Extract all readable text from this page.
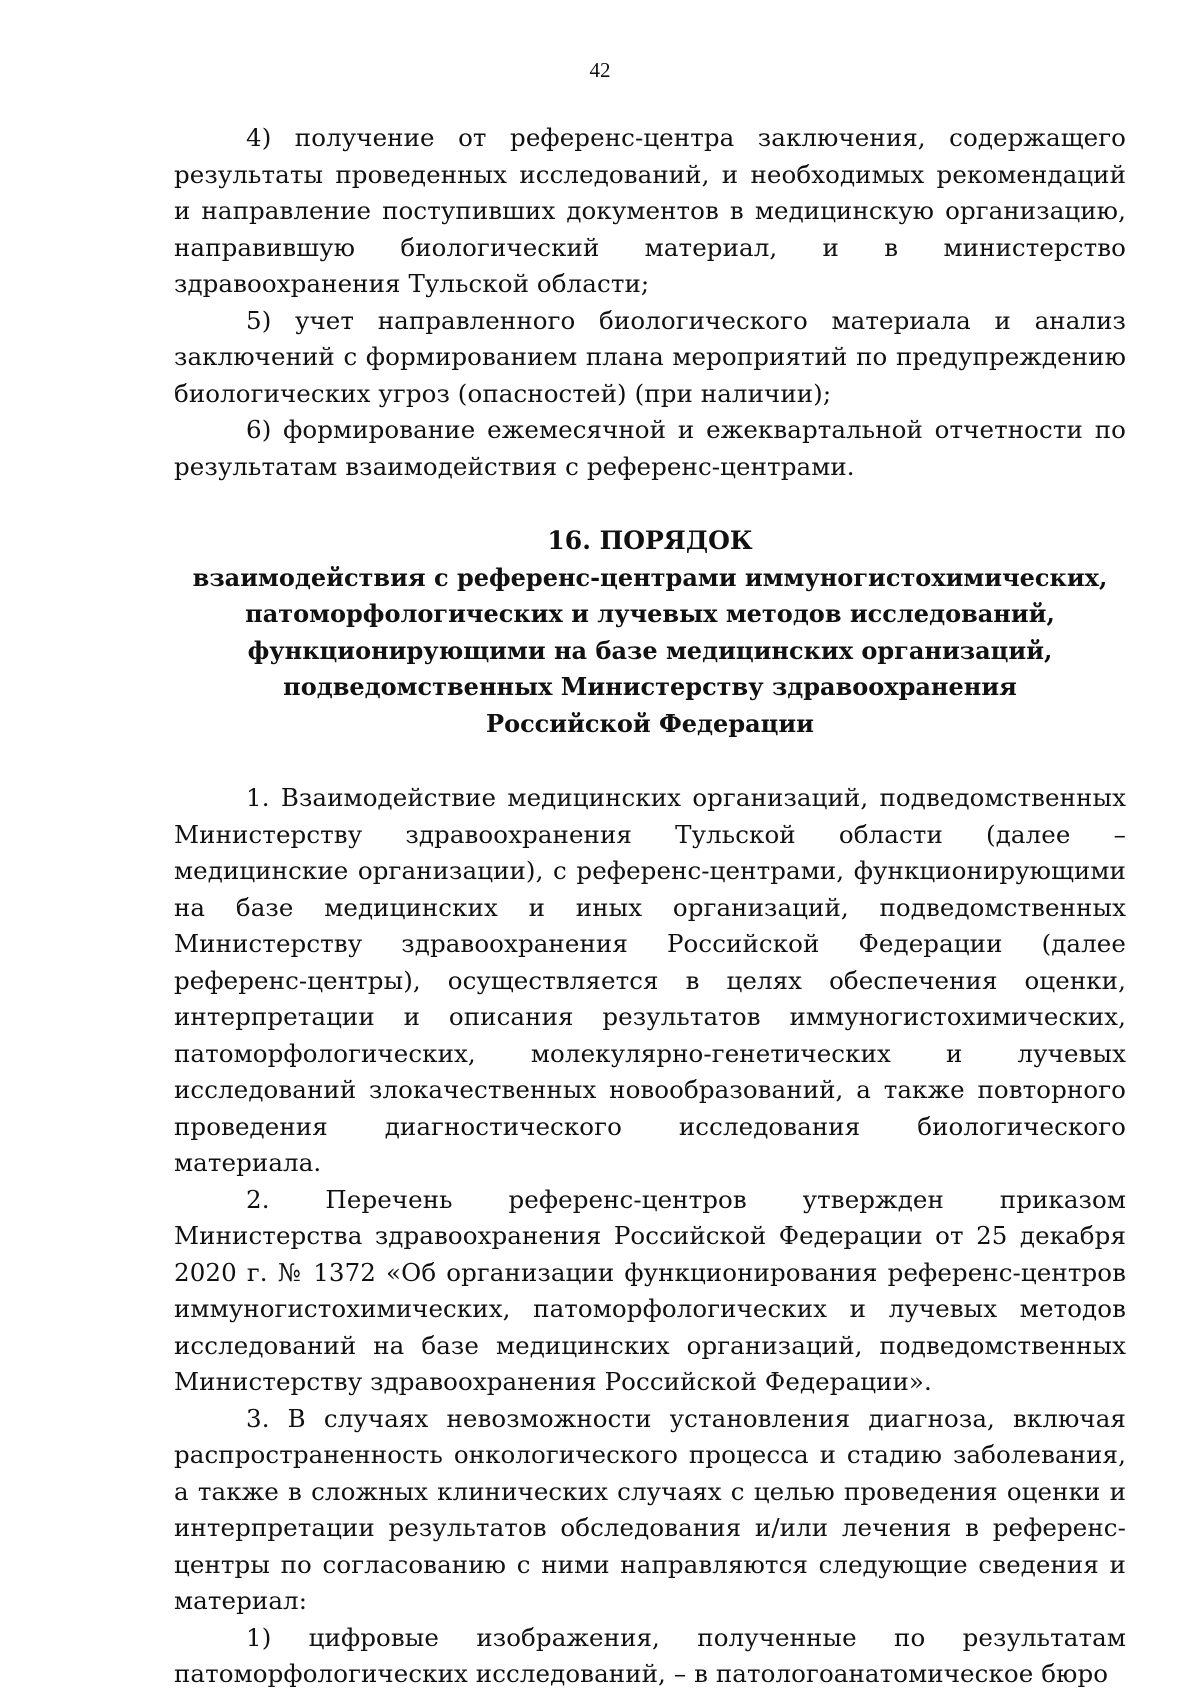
42

4) получение от референс-центра заключения, содержащего результаты проведенных исследований, и необходимых рекомендаций и направление поступивших документов в медицинскую организацию, направившую биологический материал, и в министерство здравоохранения Тульской области;

5) учет направленного биологического материала и анализ заключений с формированием плана мероприятий по предупреждению биологических угроз (опасностей) (при наличии);

6) формирование ежемесячной и ежеквартальной отчетности по результатам взаимодействия с референс-центрами.

16. ПОРЯДОК
взаимодействия с референс-центрами иммуногистохимических,
патоморфологических и лучевых методов исследований,
функционирующими на базе медицинских организаций,
подведомственных Министерству здравоохранения
Российской Федерации

1. Взаимодействие медицинских организаций, подведомственных Министерству здравоохранения Тульской области (далее – медицинские организации), с референс-центрами, функционирующими на базе медицинских и иных организаций, подведомственных Министерству здравоохранения Российской Федерации (далее референс-центры), осуществляется в целях обеспечения оценки, интерпретации и описания результатов иммуногистохимических, патоморфологических, молекулярно-генетических и лучевых исследований злокачественных новообразований, а также повторного проведения диагностического исследования биологического материала.

2. Перечень референс-центров утвержден приказом Министерства здравоохранения Российской Федерации от 25 декабря 2020 г. № 1372 «Об организации функционирования референс-центров иммуногистохимических, патоморфологических и лучевых методов исследований на базе медицинских организаций, подведомственных Министерству здравоохранения Российской Федерации».

3. В случаях невозможности установления диагноза, включая распространенность онкологического процесса и стадию заболевания, а также в сложных клинических случаях с целью проведения оценки и интерпретации результатов обследования и/или лечения в референс-центры по согласованию с ними направляются следующие сведения и материал:

1) цифровые изображения, полученные по результатам патоморфологических исследований, – в патологоанатомическое бюро
